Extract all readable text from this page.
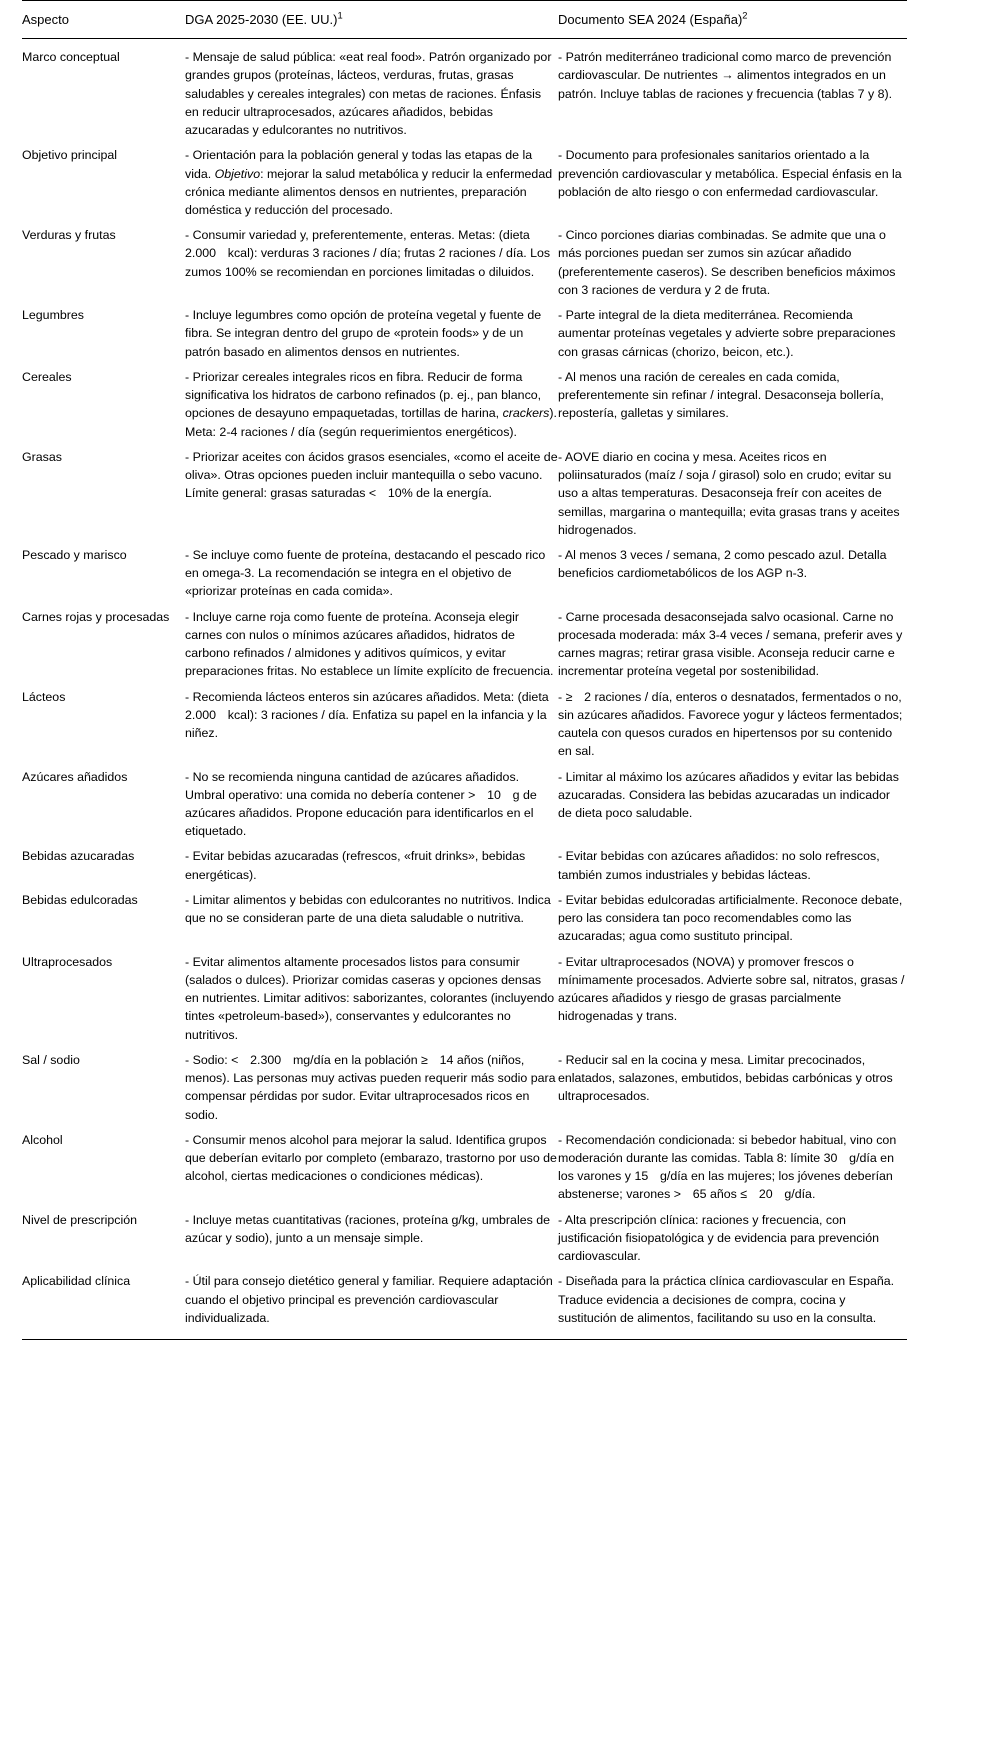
Aspecto	DGA 2025-2030 (EE. UU.)$^1$	Documento SEA 2024 (España)$^2$
Marco conceptual	- Mensaje de salud pública: «eat real food». Patrón organizado por grandes grupos (proteínas, lácteos, verduras, frutas, grasas saludables y cereales integrales) con metas de raciones. Énfasis en reducir ultraprocesados, azúcares añadidos, bebidas azucaradas y edulcorantes no nutritivos.	- Patrón mediterráneo tradicional como marco de prevención cardiovascular. De nutrientes → alimentos integrados en un patrón. Incluye tablas de raciones y frecuencia (tablas 7 y 8).
Objetivo principal	- Orientación para la población general y todas las etapas de la vida. Objetivo: mejorar la salud metabólica y reducir la enfermedad crónica mediante alimentos densos en nutrientes, preparación doméstica y reducción del procesado.	- Documento para profesionales sanitarios orientado a la prevención cardiovascular y metabólica. Especial énfasis en la población de alto riesgo o con enfermedad cardiovascular.
Verduras y frutas	- Consumir variedad y, preferentemente, enteras. Metas: (dieta 2.000 kcal): verduras 3 raciones / día; frutas 2 raciones / día. Los zumos 100% se recomiendan en porciones limitadas o diluidos.	- Cinco porciones diarias combinadas. Se admite que una o más porciones puedan ser zumos sin azúcar añadido (preferentemente caseros). Se describen beneficios máximos con 3 raciones de verdura y 2 de fruta.
Legumbres	- Incluye legumbres como opción de proteína vegetal y fuente de fibra. Se integran dentro del grupo de «protein foods» y de un patrón basado en alimentos densos en nutrientes.	- Parte integral de la dieta mediterránea. Recomienda aumentar proteínas vegetales y advierte sobre preparaciones con grasas cárnicas (chorizo, beicon, etc.).
Cereales	- Priorizar cereales integrales ricos en fibra. Reducir de forma significativa los hidratos de carbono refinados (p. ej., pan blanco, opciones de desayuno empaquetadas, tortillas de harina, crackers). Meta: 2-4 raciones / día (según requerimientos energéticos).	- Al menos una ración de cereales en cada comida, preferentemente sin refinar / integral. Desaconseja bollería, repostería, galletas y similares.
Grasas	- Priorizar aceites con ácidos grasos esenciales, «como el aceite de oliva». Otras opciones pueden incluir mantequilla o sebo vacuno. Límite general: grasas saturadas < 10% de la energía.	- AOVE diario en cocina y mesa. Aceites ricos en poliinsaturados (maíz / soja / girasol) solo en crudo; evitar su uso a altas temperaturas. Desaconseja freír con aceites de semillas, margarina o mantequilla; evita grasas trans y aceites hidrogenados.
Pescado y marisco	- Se incluye como fuente de proteína, destacando el pescado rico en omega-3. La recomendación se integra en el objetivo de «priorizar proteínas en cada comida».	- Al menos 3 veces / semana, 2 como pescado azul. Detalla beneficios cardiometabólicos de los AGP n-3.
Carnes rojas y procesadas	- Incluye carne roja como fuente de proteína. Aconseja elegir carnes con nulos o mínimos azúcares añadidos, hidratos de carbono refinados / almidones y aditivos químicos, y evitar preparaciones fritas. No establece un límite explícito de frecuencia.	- Carne procesada desaconsejada salvo ocasional. Carne no procesada moderada: máx 3-4 veces / semana, preferir aves y carnes magras; retirar grasa visible. Aconseja reducir carne e incrementar proteína vegetal por sostenibilidad.
Lácteos	- Recomienda lácteos enteros sin azúcares añadidos. Meta: (dieta 2.000 kcal): 3 raciones / día. Enfatiza su papel en la infancia y la niñez.	- ≥ 2 raciones / día, enteros o desnatados, fermentados o no, sin azúcares añadidos. Favorece yogur y lácteos fermentados; cautela con quesos curados en hipertensos por su contenido en sal.
Azúcares añadidos	- No se recomienda ninguna cantidad de azúcares añadidos. Umbral operativo: una comida no debería contener > 10 g de azúcares añadidos. Propone educación para identificarlos en el etiquetado.	- Limitar al máximo los azúcares añadidos y evitar las bebidas azucaradas. Considera las bebidas azucaradas un indicador de dieta poco saludable.
Bebidas azucaradas	- Evitar bebidas azucaradas (refrescos, «fruit drinks», bebidas energéticas).	- Evitar bebidas con azúcares añadidos: no solo refrescos, también zumos industriales y bebidas lácteas.
Bebidas edulcoradas	- Limitar alimentos y bebidas con edulcorantes no nutritivos. Indica que no se consideran parte de una dieta saludable o nutritiva.	- Evitar bebidas edulcoradas artificialmente. Reconoce debate, pero las considera tan poco recomendables como las azucaradas; agua como sustituto principal.
Ultraprocesados	- Evitar alimentos altamente procesados listos para consumir (salados o dulces). Priorizar comidas caseras y opciones densas en nutrientes. Limitar aditivos: saborizantes, colorantes (incluyendo tintes «petroleum-based»), conservantes y edulcorantes no nutritivos.	- Evitar ultraprocesados (NOVA) y promover frescos o mínimamente procesados. Advierte sobre sal, nitratos, grasas / azúcares añadidos y riesgo de grasas parcialmente hidrogenadas y trans.
Sal / sodio	- Sodio: < 2.300 mg/día en la población ≥ 14 años (niños, menos). Las personas muy activas pueden requerir más sodio para compensar pérdidas por sudor. Evitar ultraprocesados ricos en sodio.	- Reducir sal en la cocina y mesa. Limitar precocinados, enlatados, salazones, embutidos, bebidas carbónicas y otros ultraprocesados.
Alcohol	- Consumir menos alcohol para mejorar la salud. Identifica grupos que deberían evitarlo por completo (embarazo, trastorno por uso de alcohol, ciertas medicaciones o condiciones médicas).	- Recomendación condicionada: si bebedor habitual, vino con moderación durante las comidas. Tabla 8: límite 30 g/día en los varones y 15 g/día en las mujeres; los jóvenes deberían abstenerse; varones > 65 años ≤ 20 g/día.
Nivel de prescripción	- Incluye metas cuantitativas (raciones, proteína g/kg, umbrales de azúcar y sodio), junto a un mensaje simple.	- Alta prescripción clínica: raciones y frecuencia, con justificación fisiopatológica y de evidencia para prevención cardiovascular.
Aplicabilidad clínica	- Útil para consejo dietético general y familiar. Requiere adaptación cuando el objetivo principal es prevención cardiovascular individualizada.	- Diseñada para la práctica clínica cardiovascular en España. Traduce evidencia a decisiones de compra, cocina y sustitución de alimentos, facilitando su uso en la consulta.
